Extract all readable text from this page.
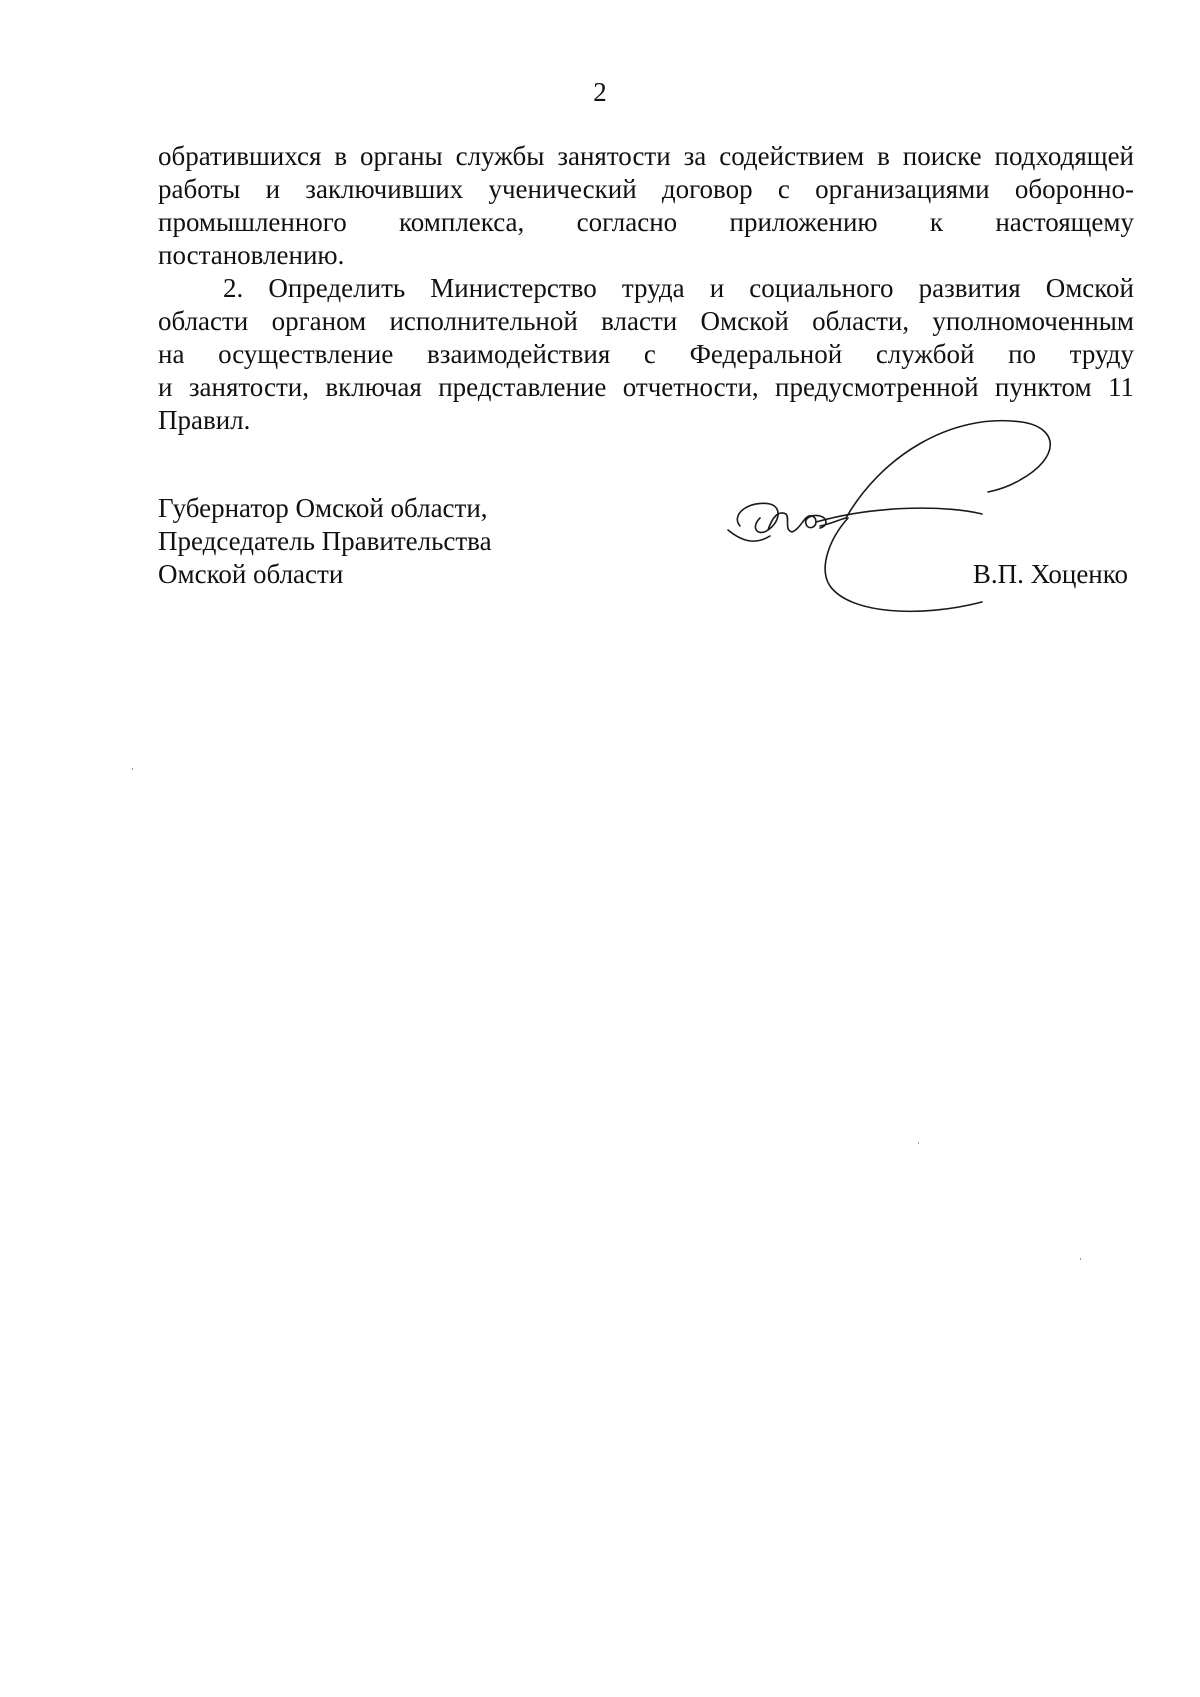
2

обратившихся в органы службы занятости за содействием в поиске подходящей
работы и заключивших ученический договор с организациями оборонно-
промышленного комплекса, согласно приложению к настоящему
постановлению.

2. Определить Министерство труда и социального развития Омской
области органом исполнительной власти Омской области, уполномоченным
на осуществление взаимодействия с Федеральной службой по труду
и занятости, включая представление отчетности, предусмотренной пунктом 11
Правил.

Губернатор Омской области,
Председатель Правительства
Омской области	В.П. Хоценко
